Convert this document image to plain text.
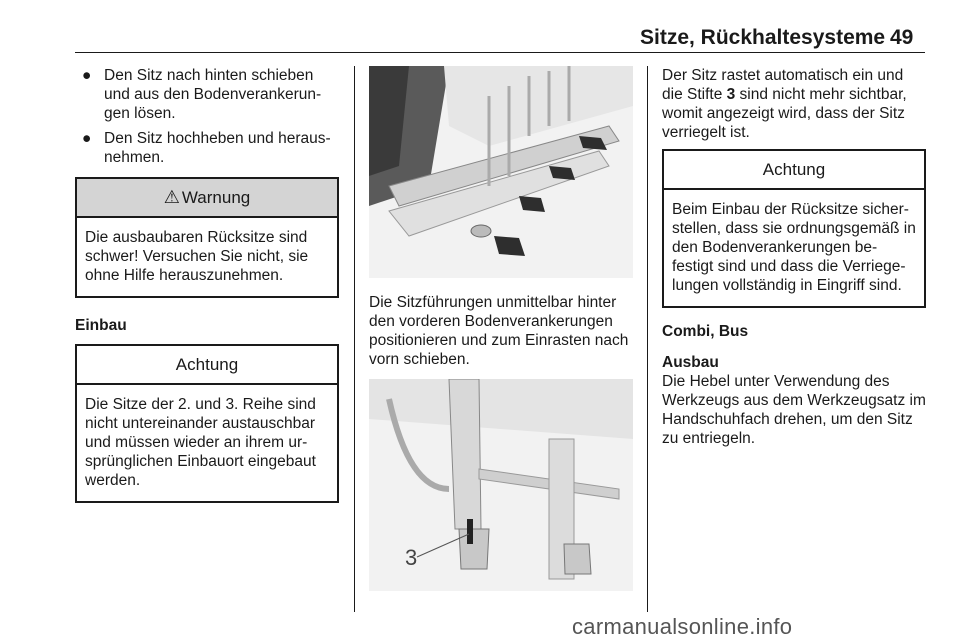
Sitze, Rückhaltesysteme 49
● Den Sitz nach hinten schieben und aus den Bodenverankerun-gen lösen.
● Den Sitz hochheben und heraus-nehmen.
⚠ Warnung
Die ausbaubaren Rücksitze sind schwer! Versuchen Sie nicht, sie ohne Hilfe herauszunehmen.
Einbau
Achtung
Die Sitze der 2. und 3. Reihe sind nicht untereinander austauschbar und müssen wieder an ihrem ur-sprünglichen Einbauort eingebaut werden.
Die Sitzführungen unmittelbar hinter den vorderen Bodenverankerungen positionieren und zum Einrasten nach vorn schieben.
3
Der Sitz rastet automatisch ein und die Stifte 3 sind nicht mehr sichtbar, womit angezeigt wird, dass der Sitz verriegelt ist.
Achtung
Beim Einbau der Rücksitze sicher-stellen, dass sie ordnungsgemäß in den Bodenverankerungen be-festigt sind und dass die Verriege-lungen vollständig in Eingriff sind.
Combi, Bus
Ausbau
Die Hebel unter Verwendung des Werkzeugs aus dem Werkzeugsatz im Handschuhfach drehen, um den Sitz zu entriegeln.
carmanualsonline.info
